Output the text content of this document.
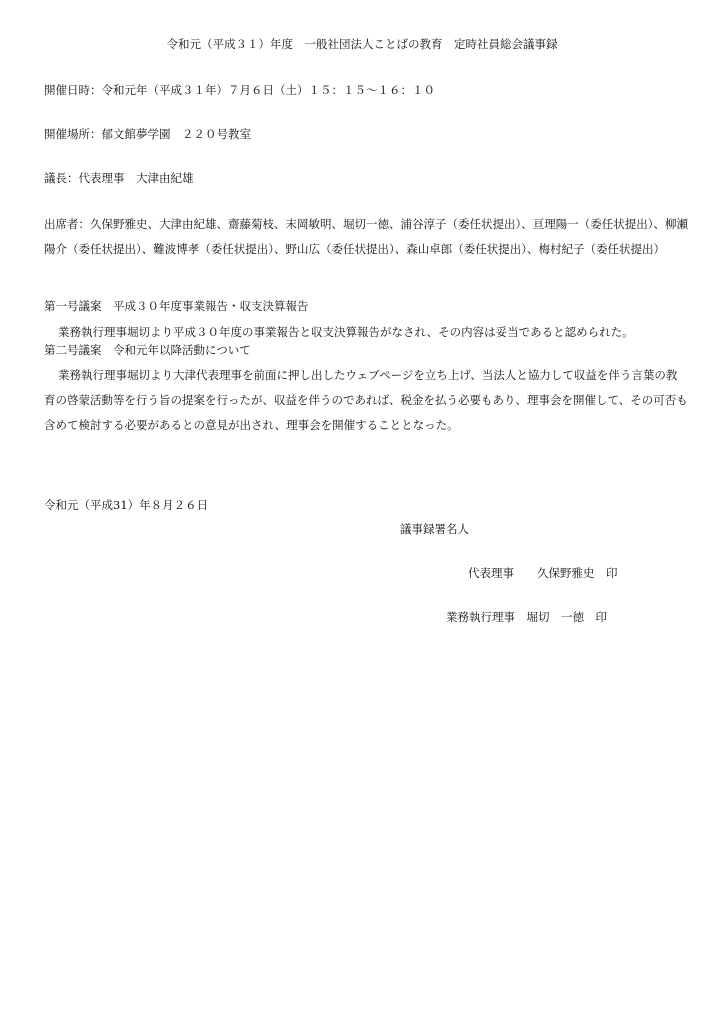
令和元（平成３１）年度　一般社団法人ことばの教育　定時社員総会議事録
開催日時：令和元年（平成３１年）７月６日（土）１５：１５〜１６：１０
開催場所：郁文館夢学園　２２０号教室
議長：代表理事　大津由紀雄
出席者：久保野雅史、大津由紀雄、齋藤菊枝、末岡敏明、堀切一徳、浦谷淳子（委任状提出）、亘理陽一（委任状提出）、柳瀬陽介（委任状提出）、難波博孝（委任状提出）、野山広（委任状提出）、森山卓郎（委任状提出）、梅村紀子（委任状提出）
第一号議案　平成３０年度事業報告・収支決算報告
業務執行理事堀切より平成３０年度の事業報告と収支決算報告がなされ、その内容は妥当であると認められた。
第二号議案　令和元年以降活動について
業務執行理事堀切より大津代表理事を前面に押し出したウェブページを立ち上げ、当法人と協力して収益を伴う言葉の教育の啓蒙活動等を行う旨の提案を行ったが、収益を伴うのであれば、税金を払う必要もあり、理事会を開催して、その可否も含めて検討する必要があるとの意見が出され、理事会を開催することとなった。
令和元（平成31）年８月２６日
議事録署名人
代表理事　　久保野雅史　印
業務執行理事　堀切　一徳　印
